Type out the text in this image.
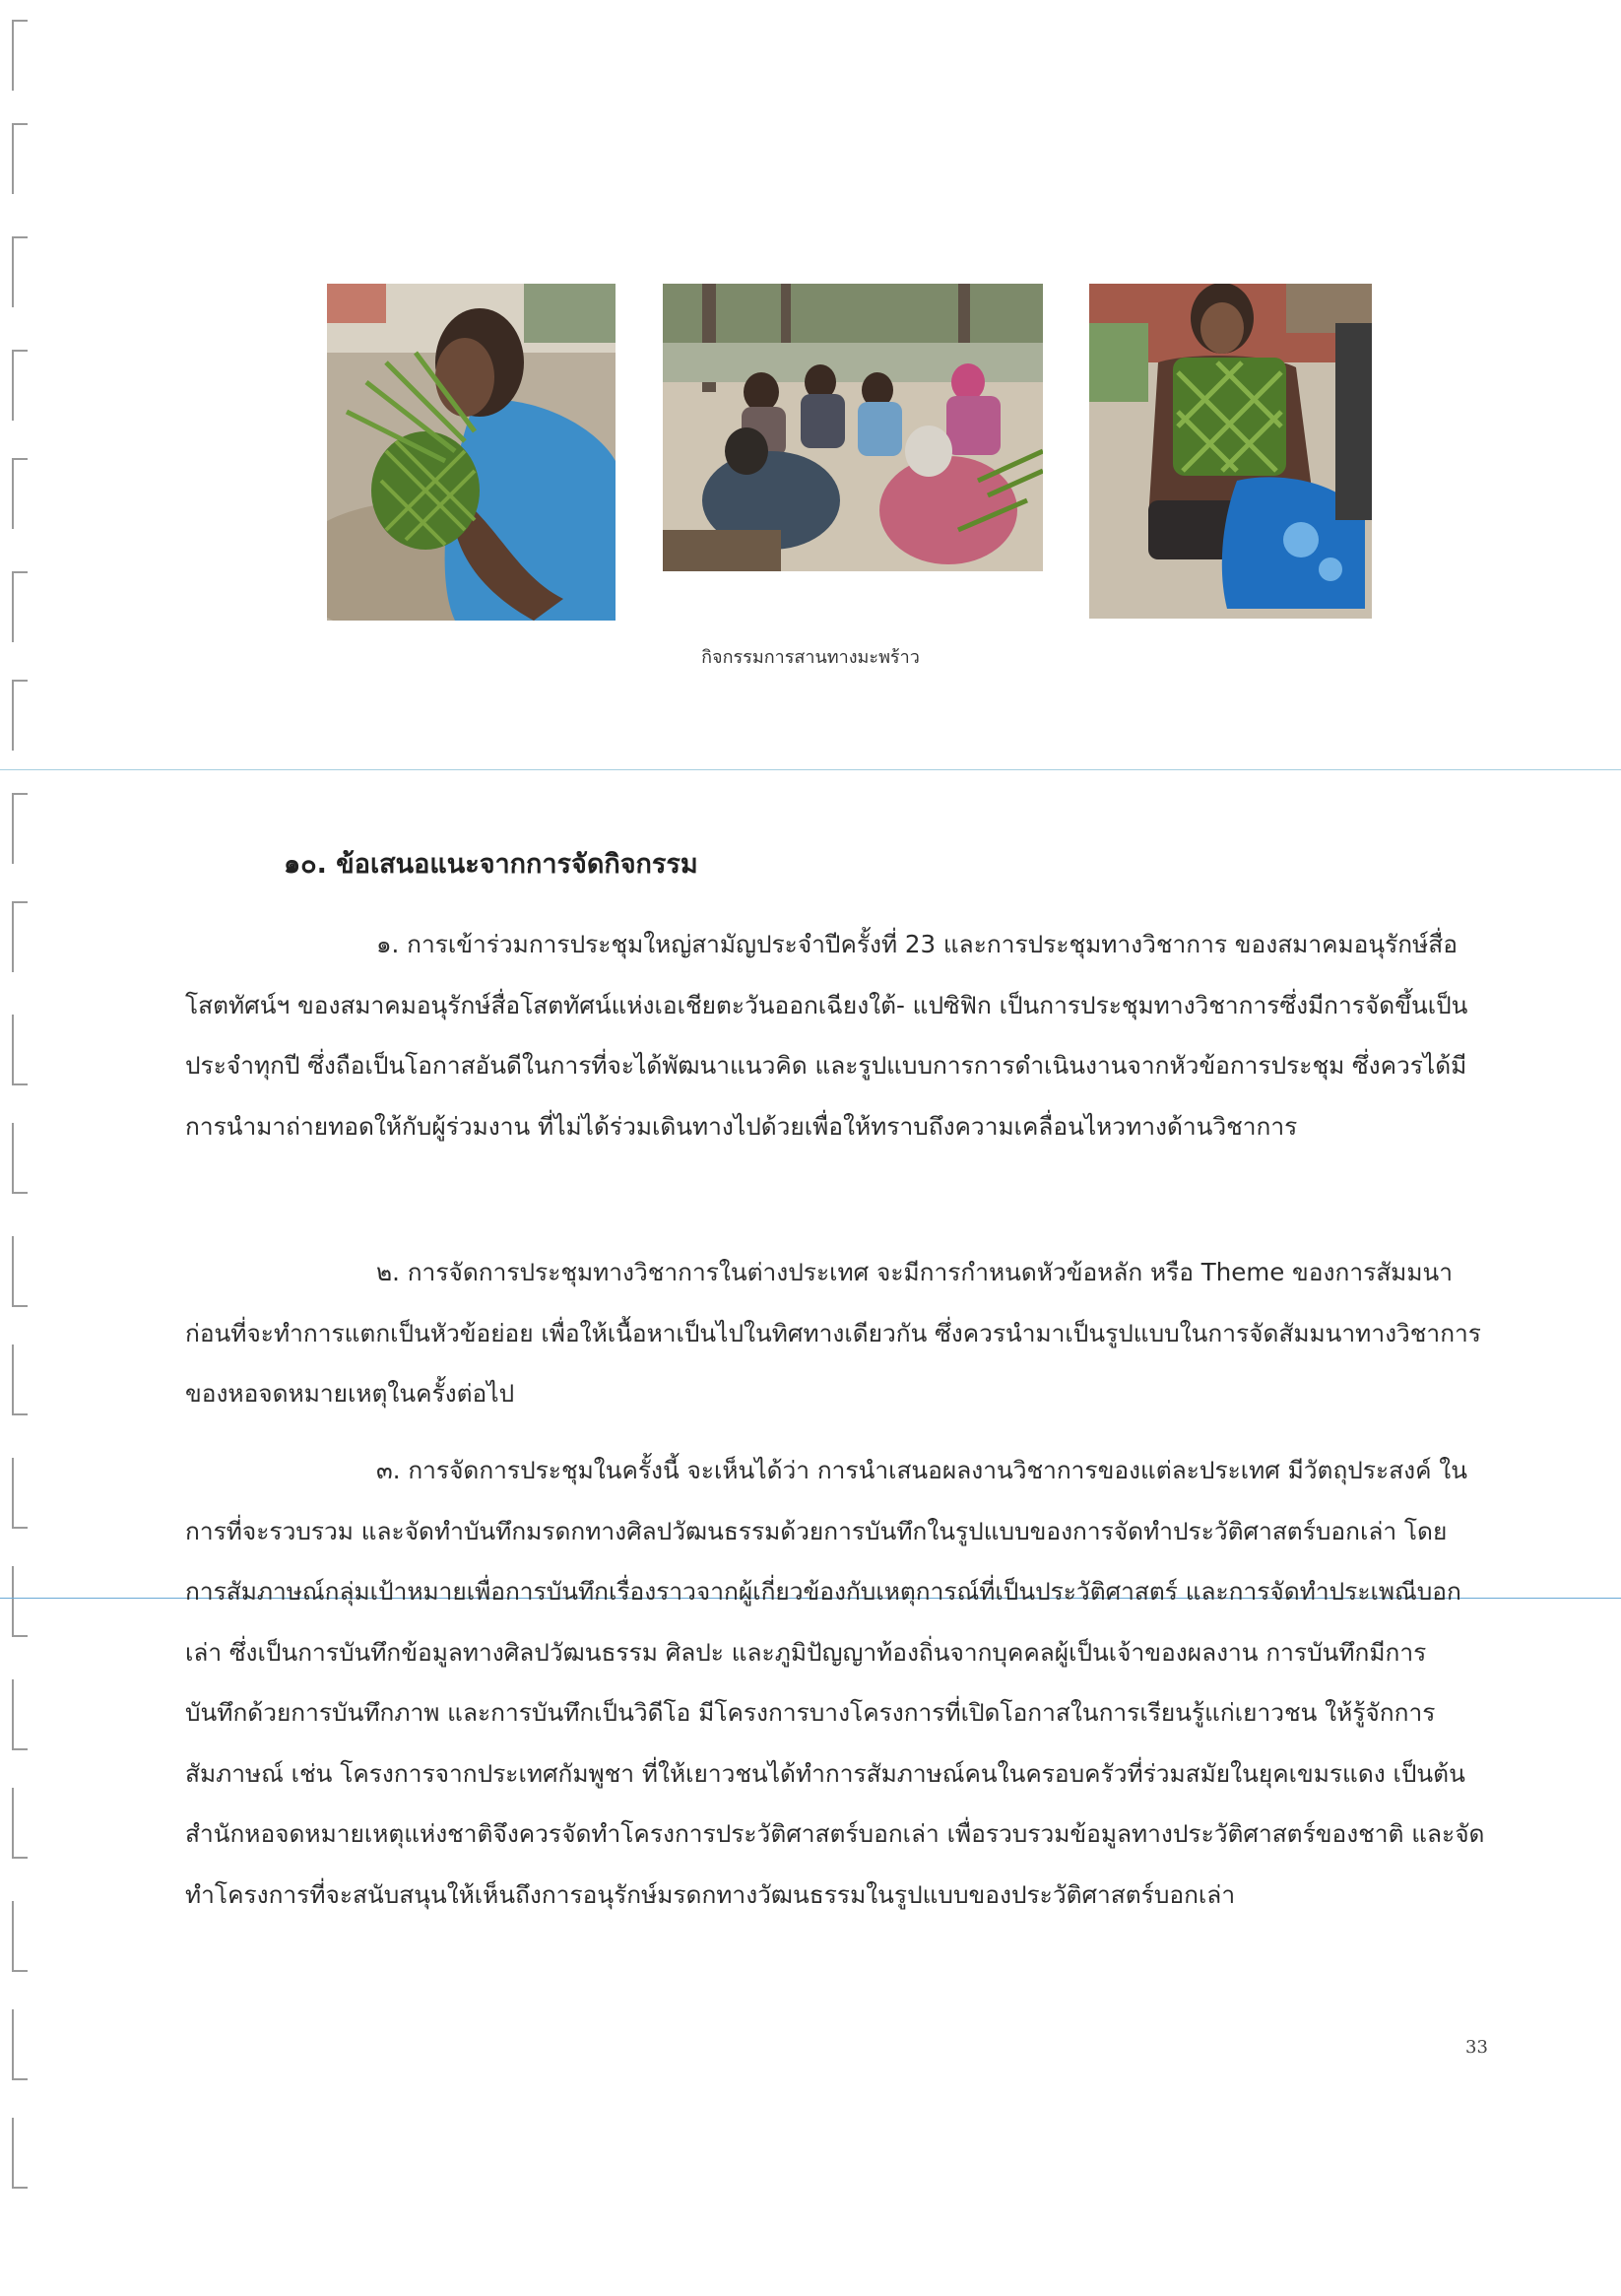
กิจกรรมการสานทางมะพร้าว
๑๐. ข้อเสนอแนะจากการจัดกิจกรรม

๑. การเข้าร่วมการประชุมใหญ่สามัญประจำปีครั้งที่ 23 และการประชุมทางวิชาการ ของสมาคมอนุรักษ์สื่อโสตทัศน์ฯ ของสมาคมอนุรักษ์สื่อโสตทัศน์แห่งเอเชียตะวันออกเฉียงใต้- แปซิฟิก เป็นการประชุมทางวิชาการซึ่งมีการจัดขึ้นเป็นประจำทุกปี ซึ่งถือเป็นโอกาสอันดีในการที่จะได้พัฒนาแนวคิด และรูปแบบการการดำเนินงานจากหัวข้อการประชุม ซึ่งควรได้มีการนำมาถ่ายทอดให้กับผู้ร่วมงาน ที่ไม่ได้ร่วมเดินทางไปด้วยเพื่อให้ทราบถึงความเคลื่อนไหวทางด้านวิชาการ

๒. การจัดการประชุมทางวิชาการในต่างประเทศ จะมีการกำหนดหัวข้อหลัก หรือ Theme ของการสัมมนา ก่อนที่จะทำการแตกเป็นหัวข้อย่อย เพื่อให้เนื้อหาเป็นไปในทิศทางเดียวกัน ซึ่งควรนำมาเป็นรูปแบบในการจัดสัมมนาทางวิชาการของหอจดหมายเหตุในครั้งต่อไป

๓. การจัดการประชุมในครั้งนี้ จะเห็นได้ว่า การนำเสนอผลงานวิชาการของแต่ละประเทศ มีวัตถุประสงค์ ในการที่จะรวบรวม และจัดทำบันทึกมรดกทางศิลปวัฒนธรรมด้วยการบันทึกในรูปแบบของการจัดทำประวัติศาสตร์บอกเล่า โดยการสัมภาษณ์กลุ่มเป้าหมายเพื่อการบันทึกเรื่องราวจากผู้เกี่ยวข้องกับเหตุการณ์ที่เป็นประวัติศาสตร์ และการจัดทำประเพณีบอกเล่า ซึ่งเป็นการบันทึกข้อมูลทางศิลปวัฒนธรรม ศิลปะ และภูมิปัญญาท้องถิ่นจากบุคคลผู้เป็นเจ้าของผลงาน การบันทึกมีการบันทึกด้วยการบันทึกภาพ และการบันทึกเป็นวิดีโอ มีโครงการบางโครงการที่เปิดโอกาสในการเรียนรู้แก่เยาวชน ให้รู้จักการสัมภาษณ์ เช่น โครงการจากประเทศกัมพูชา ที่ให้เยาวชนได้ทำการสัมภาษณ์คนในครอบครัวที่ร่วมสมัยในยุคเขมรแดง เป็นต้น สำนักหอจดหมายเหตุแห่งชาติจึงควรจัดทำโครงการประวัติศาสตร์บอกเล่า เพื่อรวบรวมข้อมูลทางประวัติศาสตร์ของชาติ และจัดทำโครงการที่จะสนับสนุนให้เห็นถึงการอนุรักษ์มรดกทางวัฒนธรรมในรูปแบบของประวัติศาสตร์บอกเล่า

33
